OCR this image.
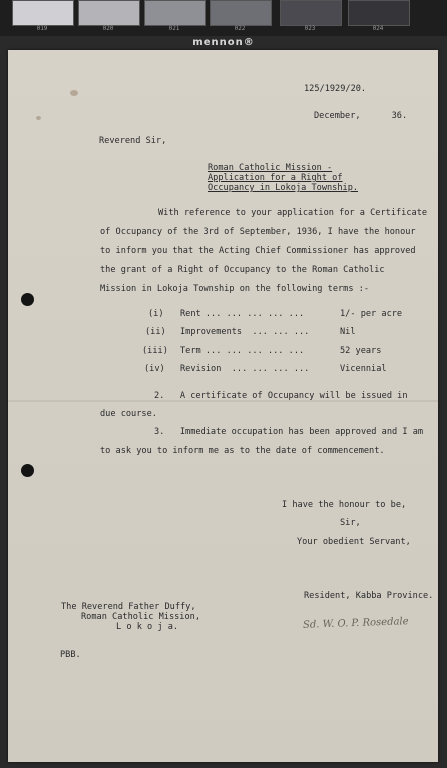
019	020	021	022	023	024
mennon®
125/1929/20.
December,      36.
Reverend Sir,
Roman Catholic Mission -
Application for a Right of
Occupancy in Lokoja Township.
With reference to your application for a Certificate
of Occupancy of the 3rd of September, 1936, I have the honour
to inform you that the Acting Chief Commissioner has approved
the grant of a Right of Occupancy to the Roman Catholic
Mission in Lokoja Township on the following terms :-
(i) Rent ... ... ... ... ...	1/- per acre
(ii) Improvements  ... ... ...	Nil
(iii) Term ... ... ... ... ...	52 years
(iv) Revision  ... ... ... ...	Vicennial
2.   A certificate of Occupancy will be issued in
due course.
3.   Immediate occupation has been approved and I am
to ask you to inform me as to the date of commencement.
I have the honour to be,
Sir,
Your obedient Servant,
Sd. W. O. P. Rosedale
Resident, Kabba Province.
The Reverend Father Duffy,
Roman Catholic Mission,
L o k o j a.
PBB.
